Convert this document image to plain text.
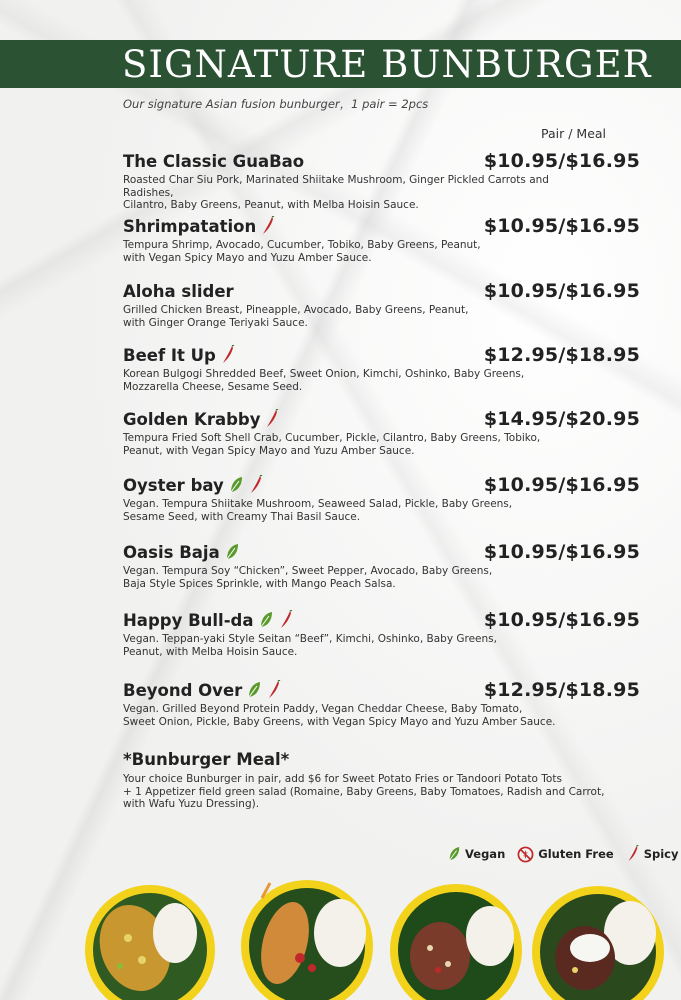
SIGNATURE BUNBURGER
Our signature Asian fusion bunburger，1 pair = 2pcs
Pair / Meal
The Classic GuaBao	$10.95/$16.95
Roasted Char Siu Pork, Marinated Shiitake Mushroom, Ginger Pickled Carrots and Radishes,
Cilantro, Baby Greens, Peanut, with Melba Hoisin Sauce.
Shrimpatation	$10.95/$16.95
Tempura Shrimp, Avocado, Cucumber, Tobiko, Baby Greens, Peanut,
with Vegan Spicy Mayo and Yuzu Amber Sauce.
Aloha slider	$10.95/$16.95
Grilled Chicken Breast, Pineapple, Avocado, Baby Greens, Peanut,
with Ginger Orange Teriyaki Sauce.
Beef It Up	$12.95/$18.95
Korean Bulgogi Shredded Beef, Sweet Onion, Kimchi, Oshinko, Baby Greens,
Mozzarella Cheese, Sesame Seed.
Golden Krabby	$14.95/$20.95
Tempura Fried Soft Shell Crab, Cucumber, Pickle, Cilantro, Baby Greens, Tobiko,
Peanut, with Vegan Spicy Mayo and Yuzu Amber Sauce.
Oyster bay	$10.95/$16.95
Vegan. Tempura Shiitake Mushroom, Seaweed Salad, Pickle, Baby Greens,
Sesame Seed, with Creamy Thai Basil Sauce.
Oasis Baja	$10.95/$16.95
Vegan. Tempura Soy “Chicken”, Sweet Pepper, Avocado, Baby Greens,
Baja Style Spices Sprinkle, with Mango Peach Salsa.
Happy Bull-da	$10.95/$16.95
Vegan. Teppan-yaki Style Seitan “Beef”, Kimchi, Oshinko, Baby Greens,
Peanut, with Melba Hoisin Sauce.
Beyond Over	$12.95/$18.95
Vegan. Grilled Beyond Protein Paddy, Vegan Cheddar Cheese, Baby Tomato,
Sweet Onion, Pickle, Baby Greens, with Vegan Spicy Mayo and Yuzu Amber Sauce.
*Bunburger Meal*
Your choice Bunburger in pair, add $6 for Sweet Potato Fries or Tandoori Potato Tots
+ 1 Appetizer field green salad (Romaine, Baby Greens, Baby Tomatoes, Radish and Carrot,
with Wafu Yuzu Dressing).
Vegan	Gluten Free	Spicy
